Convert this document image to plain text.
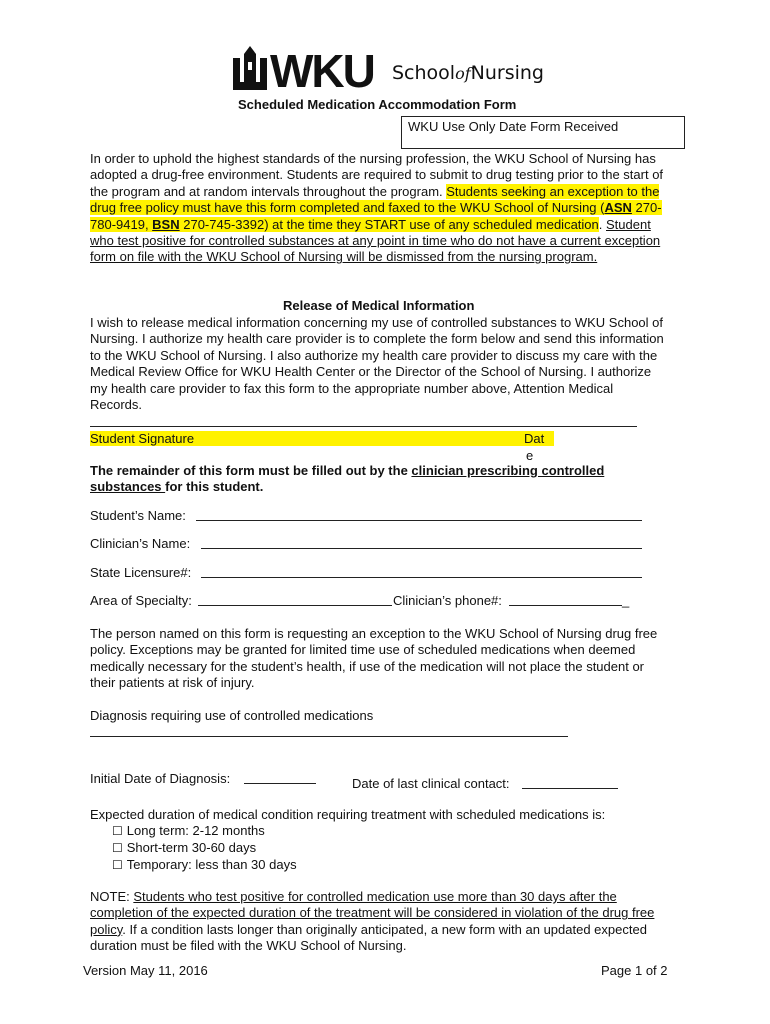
WKU SchoolofNursing
Scheduled Medication Accommodation Form
WKU Use Only Date Form Received
In order to uphold the highest standards of the nursing profession, the WKU School of Nursing has adopted a drug-free environment. Students are required to submit to drug testing prior to the start of the program and at random intervals throughout the program. Students seeking an exception to the drug free policy must have this form completed and faxed to the WKU School of Nursing (ASN 270-780-9419, BSN 270-745-3392) at the time they START use of any scheduled medication. Student who test positive for controlled substances at any point in time who do not have a current exception form on file with the WKU School of Nursing will be dismissed from the nursing program.
Release of Medical Information
I wish to release medical information concerning my use of controlled substances to WKU School of Nursing. I authorize my health care provider is to complete the form below and send this information to the WKU School of Nursing. I also authorize my health care provider to discuss my care with the Medical Review Office for WKU Health Center or the Director of the School of Nursing. I authorize my health care provider to fax this form to the appropriate number above, Attention Medical Records.
Student Signature	Dat
e
The remainder of this form must be filled out by the clinician prescribing controlled substances for this student.
Student’s Name:
Clinician’s Name:
State Licensure#:
Area of Specialty:	Clinician’s phone#:	_
The person named on this form is requesting an exception to the WKU School of Nursing drug free policy. Exceptions may be granted for limited time use of scheduled medications when deemed medically necessary for the student’s health, if use of the medication will not place the student or their patients at risk of injury.
Diagnosis requiring use of controlled medications
Initial Date of Diagnosis:	Date of last clinical contact:
Expected duration of medical condition requiring treatment with scheduled medications is:
☐ Long term: 2-12 months
☐ Short-term 30-60 days
☐ Temporary: less than 30 days
NOTE: Students who test positive for controlled medication use more than 30 days after the completion of the expected duration of the treatment will be considered in violation of the drug free policy. If a condition lasts longer than originally anticipated, a new form with an updated expected duration must be filed with the WKU School of Nursing.
Version May 11, 2016	Page 1 of 2
